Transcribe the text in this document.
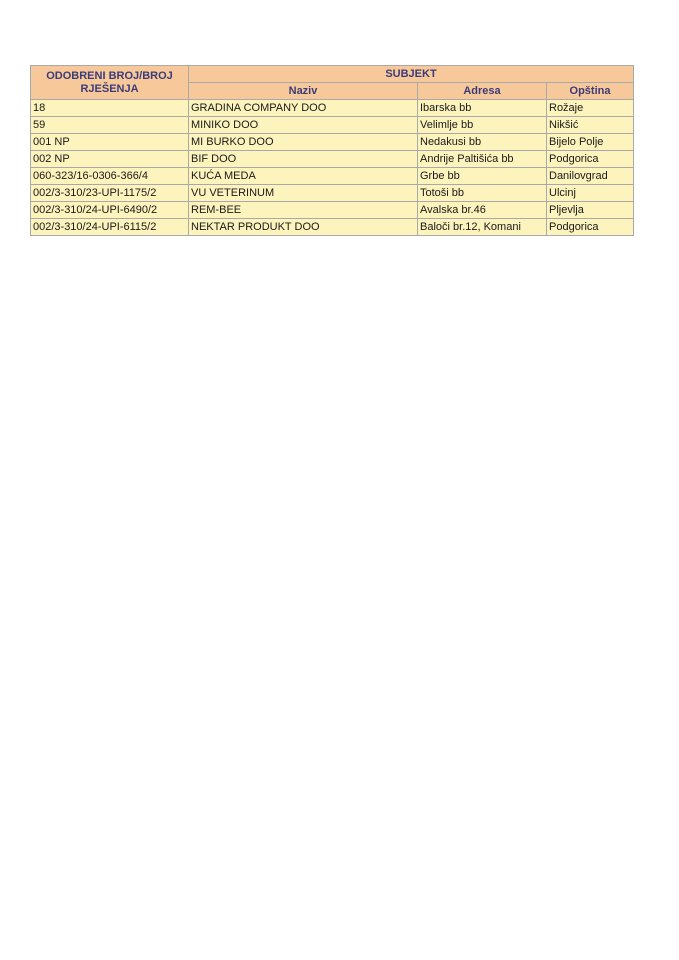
ODOBRENI BROJ/BROJ RJEŠENJA	SUBJEKT		
	Naziv	Adresa	Opština
18	GRADINA COMPANY DOO	Ibarska bb	Rožaje
59	MINIKO DOO	Velimlje bb	Nikšić
001 NP	MI BURKO DOO	Nedakusi bb	Bijelo Polje
002 NP	BIF DOO	Andrije Paltišića bb	Podgorica
060-323/16-0306-366/4	KUĆA MEDA	Grbe bb	Danilovgrad
002/3-310/23-UPI-1175/2	VU VETERINUM	Totoši bb	Ulcinj
002/3-310/24-UPI-6490/2	REM-BEE	Avalska br.46	Pljevlja
002/3-310/24-UPI-6115/2	NEKTAR PRODUKT DOO	Baloči br.12, Komani	Podgorica
